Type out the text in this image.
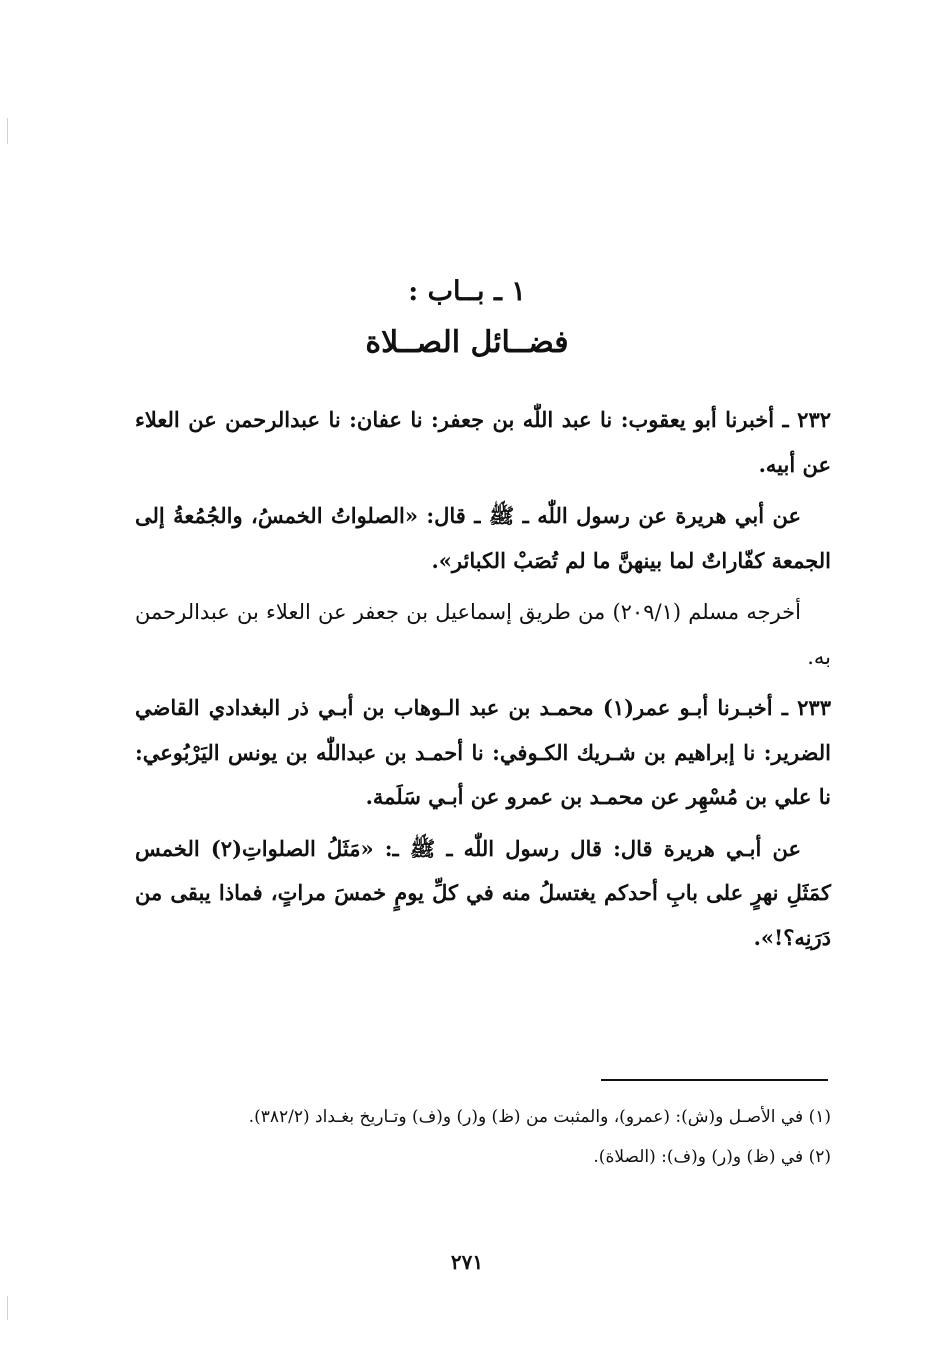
١ ـ بــاب :
فضــائل الصــلاة

٢٣٢ ـ أخبرنا أبو يعقوب: نا عبد اللّٰه بن جعفر: نا عفان: نا عبدالرحمن عن العلاء عن أبيه.

عن أبي هريرة عن رسول اللّٰه ـ ﷺ ـ قال: «الصلواتُ الخمسُ، والجُمُعةُ إلى الجمعة كفّاراتٌ لما بينهنَّ ما لم تُصَبْ الكبائر».

أخرجه مسلم (٢٠٩/١) من طريق إسماعيل بن جعفر عن العلاء بن عبدالرحمن به.

٢٣٣ ـ أخبـرنا أبـو عمر(١) محمـد بن عبد الـوهاب بن أبـي ذر البغدادي القاضي الضرير: نا إبراهيم بن شـريك الكـوفي: نا أحمـد بن عبداللّٰه بن يونس اليَرْبُوعي: نا علي بن مُسْهِر عن محمـد بن عمرو عن أبـي سَلَمة.

عن أبـي هريرة قال: قال رسول اللّٰه ـ ﷺ ـ: «مَثَلُ الصلواتِ(٢) الخمس كمَثَلِ نهرٍ على بابِ أحدكم يغتسلُ منه في كلِّ يومٍ خمسَ مراتٍ، فماذا يبقى من دَرَنِه؟!».

(١) في الأصـل و(ش): (عمرو)، والمثبت من (ظ) و(ر) و(ف) وتـاريخ بغـداد (٣٨٢/٢).

(٢) في (ظ) و(ر) و(ف): (الصلاة).

٢٧١
